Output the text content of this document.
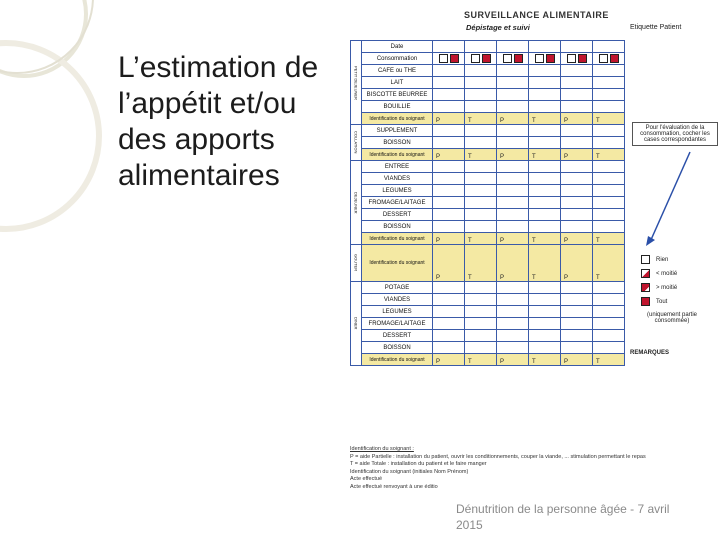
L’estimation de l’appétit et/ou des apports alimentaires
SURVEILLANCE ALIMENTAIRE
Dépistage et suivi	Etiquette Patient
PETIT DEJEUNER	Date						
	Consommation						
	CAFE ou THE						
	LAIT						
	BISCOTTE BEURREE						
	BOUILLIE						
	Identification du soignant	P	T	P	T	P	T
COLLATION	SUPPLEMENT						
	BOISSON						
	Identification du soignant	P	T	P	T	P	T
DEJEUNER	ENTREE						
	VIANDES						
	LEGUMES						
	FROMAGE/LAITAGE						
	DESSERT						
	BOISSON						
	Identification du soignant	P	T	P	T	P	T
GOUTER	Identification du soignant	P	T	P	T	P	T
DINER	POTAGE						
	VIANDES						
	LEGUMES						
	FROMAGE/LAITAGE						
	DESSERT						
	BOISSON						
	Identification du soignant	P	T	P	T	P	T
Pour l'évaluation de la consommation, cocher les cases correspondantes
Rien
< moitié
> moitié
Tout
(uniquement partie consommée)
REMARQUES
Identification du soignant :
P = aide Partielle : installation du patient, ouvrir les conditionnements, couper la viande, ... stimulation permettant le repas
T = aide Totale : installation du patient et le faire manger
Identification du soignant (initiales Nom Prénom)
Acte effectué
Acte effectué renvoyant à une éditio
Dénutrition de la personne âgée - 7 avril 2015
